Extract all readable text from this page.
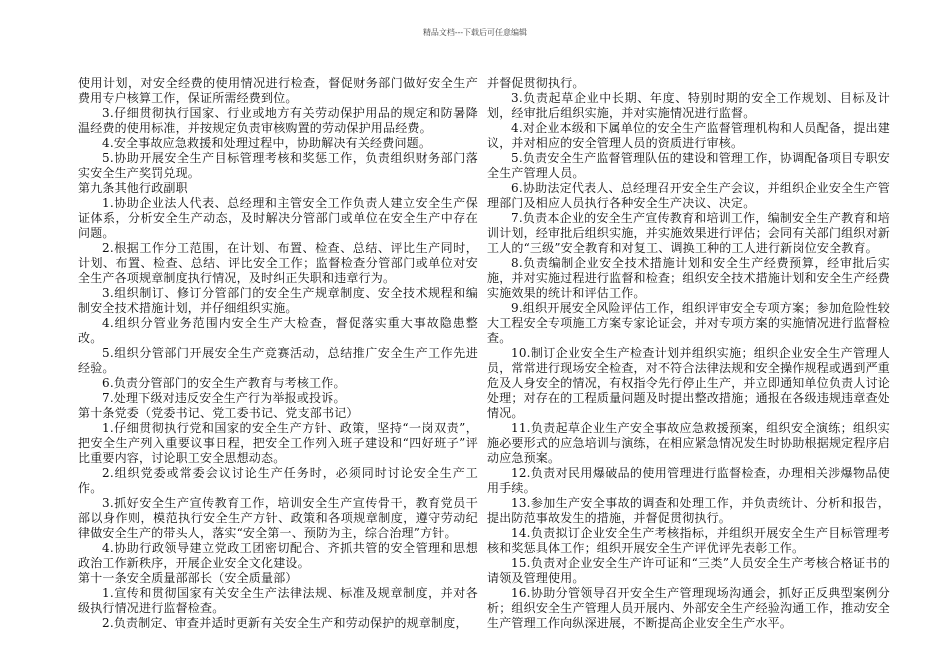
精品文档---下载后可任意编辑

使用计划，对安全经费的使用情况进行检查，督促财务部门做好安全生产费用专户核算工作，保证所需经费到位。

3.仔细贯彻执行国家、行业或地方有关劳动保护用品的规定和防暑降温经费的使用标准，并按规定负责审核购置的劳动保护用品经费。

4.安全事故应急救援和处理过程中，协助解决有关经费问题。

5.协助开展安全生产目标管理考核和奖惩工作，负责组织财务部门落实安全生产奖罚兑现。

第九条其他行政副职

1.协助企业法人代表、总经理和主管安全工作负责人建立安全生产保证体系，分析安全生产动态，及时解决分管部门或单位在安全生产中存在问题。

2.根据工作分工范围，在计划、布置、检查、总结、评比生产同时，计划、布置、检查、总结、评比安全工作；监督检查分管部门或单位对安全生产各项规章制度执行情况，及时纠正失职和违章行为。

3.组织制订、修订分管部门的安全生产规章制度、安全技术规程和编制安全技术措施计划，并仔细组织实施。

4.组织分管业务范围内安全生产大检查，督促落实重大事故隐患整改。

5.组织分管部门开展安全生产竞赛活动，总结推广安全生产工作先进经验。

6.负责分管部门的安全生产教育与考核工作。

7.处理下级对违反安全生产行为举报或投诉。

第十条党委（党委书记、党工委书记、党支部书记）

1.仔细贯彻执行党和国家的安全生产方针、政策，坚持“一岗双责”，把安全生产列入重要议事日程，把安全工作列入班子建设和“四好班子”评比重要内容，讨论职工安全思想动态。

2.组织党委或常委会议讨论生产任务时，必须同时讨论安全生产工作。

3.抓好安全生产宣传教育工作，培训安全生产宣传骨干，教育党员干部以身作则，模范执行安全生产方针、政策和各项规章制度，遵守劳动纪律做安全生产的带头人，落实“安全第一、预防为主，综合治理”方针。

4.协助行政领导建立党政工团密切配合、齐抓共管的安全管理和思想政治工作新秩序，开展企业安全文化建设。

第十一条安全质量部部长（安全质量部）

1.宣传和贯彻国家有关安全生产法律法规、标准及规章制度，并对各级执行情况进行监督检查。

2.负责制定、审查并适时更新有关安全生产和劳动保护的规章制度，

并督促贯彻执行。

3.负责起草企业中长期、年度、特别时期的安全工作规划、目标及计划，经审批后组织实施，并对实施情况进行监督。

4.对企业本级和下属单位的安全生产监督管理机构和人员配备，提出建议，并对相应的安全管理人员的资质进行审核。

5.负责安全生产监督管理队伍的建设和管理工作，协调配备项目专职安全生产管理人员。

6.协助法定代表人、总经理召开安全生产会议，并组织企业安全生产管理部门及相应人员执行各种安全生产决议、决定。

7.负责本企业的安全生产宣传教育和培训工作，编制安全生产教育和培训计划，经审批后组织实施，并实施效果进行评估；会同有关部门组织对新工人的“三级”安全教育和对复工、调换工种的工人进行新岗位安全教育。

8.负责编制企业安全技术措施计划和安全生产经费预算，经审批后实施，并对实施过程进行监督和检查；组织安全技术措施计划和安全生产经费实施效果的统计和评估工作。

9.组织开展安全风险评估工作，组织评审安全专项方案；参加危险性较大工程安全专项施工方案专家论证会，并对专项方案的实施情况进行监督检查。

10.制订企业安全生产检查计划并组织实施；组织企业安全生产管理人员，常常进行现场安全检查，对不符合法律法规和安全操作规程或遇到严重危及人身安全的情况，有权指令先行停止生产，并立即通知单位负责人讨论处理；对存在的工程质量问题及时提出整改措施；通报在各级违规违章查处情况。

11.负责起草企业生产安全事故应急救援预案，组织安全演练；组织实施必要形式的应急培训与演练，在相应紧急情况发生时协助根据规定程序启动应急预案。

12.负责对民用爆破品的使用管理进行监督检查，办理相关涉爆物品使用手续。

13.参加生产安全事故的调查和处理工作，并负责统计、分析和报告，提出防范事故发生的措施，并督促贯彻执行。

14.负责拟订企业安全生产考核指标，并组织开展安全生产目标管理考核和奖惩具体工作；组织开展安全生产评优评先表彰工作。

15.负责对企业安全生产许可证和“三类”人员安全生产考核合格证书的请领及管理使用。

16.协助分管领导召开安全生产管理现场沟通会，抓好正反典型案例分析；组织安全生产管理人员开展内、外部安全生产经验沟通工作，推动安全生产管理工作向纵深进展，不断提高企业安全生产水平。
